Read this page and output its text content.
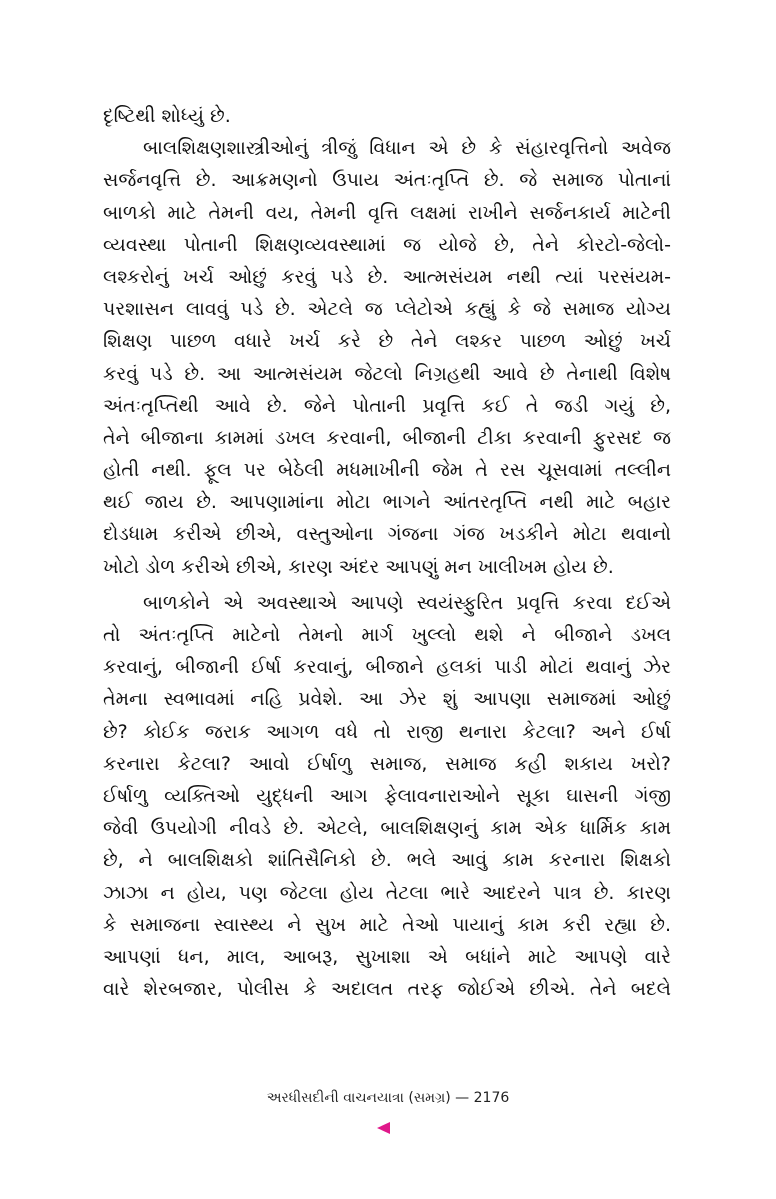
દૃષ્ટિથી શોધ્યું છે.
બાલશિક્ષણશાસ્ત્રીઓનું ત્રીજું વિધાન એ છે કે સંહારવૃત્તિનો અવેજ
સર્જનવૃત્તિ છે. આક્રમણનો ઉપાય અંતઃતૃપ્તિ છે. જે સમાજ પોતાનાં
બાળકો માટે તેમની વય, તેમની વૃત્તિ લક્ષમાં રાખીને સર્જનકાર્ય માટેની
વ્યવસ્થા પોતાની શિક્ષણવ્યવસ્થામાં જ યોજે છે, તેને કોરટો-જેલો-
લશ્કરોનું ખર્ચ ઓછું કરવું પડે છે. આત્મસંયમ નથી ત્યાં પરસંયમ-
પરશાસન લાવવું પડે છે. એટલે જ પ્લેટોએ કહ્યું કે જે સમાજ યોગ્ય
શિક્ષણ પાછળ વધારે ખર્ચ કરે છે તેને લશ્કર પાછળ ઓછું ખર્ચ
કરવું પડે છે. આ આત્મસંયમ જેટલો નિગ્રહથી આવે છે તેનાથી વિશેષ
અંતઃતૃપ્તિથી આવે છે. જેને પોતાની પ્રવૃત્તિ કઈ તે જડી ગયું છે,
તેને બીજાના કામમાં ડખલ કરવાની, બીજાની ટીકા કરવાની ફુરસદ જ
હોતી નથી. ફૂલ પર બેઠેલી મધમાખીની જેમ તે રસ ચૂસવામાં તલ્લીન
થઈ જાય છે. આપણામાંના મોટા ભાગને આંતરતૃપ્તિ નથી માટે બહાર
દોડધામ કરીએ છીએ, વસ્તુઓના ગંજના ગંજ ખડકીને મોટા થવાનો
ખોટો ડોળ કરીએ છીએ, કારણ અંદર આપણું મન ખાલીખમ હોય છે.
બાળકોને એ અવસ્થાએ આપણે સ્વયંસ્ફુરિત પ્રવૃત્તિ કરવા દઈએ
તો અંતઃતૃપ્તિ માટેનો તેમનો માર્ગ ખુલ્લો થશે ને બીજાને ડખલ
કરવાનું, બીજાની ઈર્ષા કરવાનું, બીજાને હલકાં પાડી મોટાં થવાનું ઝેર
તેમના સ્વભાવમાં નહિ પ્રવેશે. આ ઝેર શું આપણા સમાજમાં ઓછું
છે? કોઈક જરાક આગળ વધે તો રાજી થનારા કેટલા? અને ઈર્ષા
કરનારા કેટલા? આવો ઈર્ષાળુ સમાજ, સમાજ કહી શકાય ખરો?
ઈર્ષાળુ વ્યક્તિઓ યુદ્ધની આગ ફેલાવનારાઓને સૂકા ઘાસની ગંજી
જેવી ઉપયોગી નીવડે છે. એટલે, બાલશિક્ષણનું કામ એક ધાર્મિક કામ
છે, ને બાલશિક્ષકો શાંતિસૈનિકો છે. ભલે આવું કામ કરનારા શિક્ષકો
ઝાઝા ન હોય, પણ જેટલા હોય તેટલા ભારે આદરને પાત્ર છે. કારણ
કે સમાજના સ્વાસ્થ્ય ને સુખ માટે તેઓ પાયાનું કામ કરી રહ્યા છે.
આપણાં ધન, માલ, આબરૂ, સુખાશા એ બધાંને માટે આપણે વારે
વારે શેરબજાર, પોલીસ કે અદાલત તરફ જોઈએ છીએ. તેને બદલે
અરધીસદીની વાચનયાત્રા (સમગ્ર) — 2176
